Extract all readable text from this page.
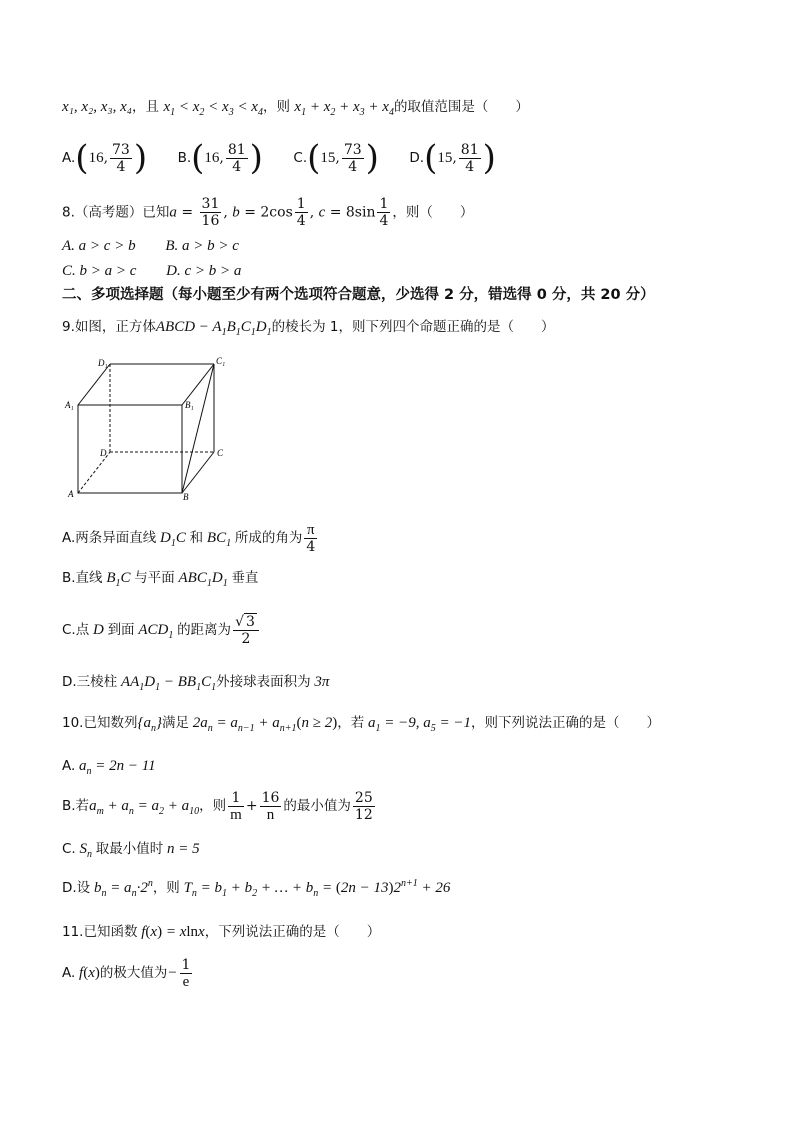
x₁, x₂, x₃, x₄，且 $x_1 < x_2 < x_3 < x_4$，则 $x_1 + x_2 + x_3 + x_4$的取值范围是（　　）
A.(16, $\frac{73}{4}$ ) B.(16, $\frac{81}{4}$ ) C.(15, $\frac{73}{4}$ ) D.(15, $\frac{81}{4}$ )
8.（高考题）已知$a = \frac{31}{16}$ , $b = 2\cos \frac{1}{4}$ , $c = 8\sin \frac{1}{4}$ ，则（　　）
A. a > c > b B. a > b > c
C. b > a > c D. c > b > a
二、多项选择题（每小题至少有两个选项符合题意，少选得 2 分，错选得 0 分，共 20 分）
9.如图，正方体ABCD − $A_1B_1C_1D_1$的棱长为 1，则下列四个命题正确的是（　　）
D₁	C₁
A₁	B₁
D	C
A	B
A.两条异面直线 $D_1C$ 和 $BC_1$ 所成的角为 $\frac{\pi}{4}$
B.直线 $B_1C$ 与平面 $ABC_1D_1$ 垂直
C.点 D 到面 $ACD_1$ 的距离为 $\frac{√ 3}{2}$
D.三棱柱 $AA_1D_1 - BB_1C_1$外接球表面积为 3π
10.已知数列$\{a_n\}$满足 $2a_n = a_{n-1} + a_{n+1}(n \ge 2)$，若 $a_1 = -9$, $a_5 = -1$，则下列说法正确的是（　　）
A. $a_n = 2n - 11$
B.若$a_m + a_n = a_2 + a_{10}$，则 $\frac{1}{m} + \frac{16}{n}$ 的最小值为 $\frac{25}{12}$
C. $S_n$ 取最小值时 n = 5
D.设 $b_n = a_n\cdot 2^n$，则 $T_n = b_1 + b_2$ + … + $b_n = (2n - 13)2^{n+1} + 26$
11.已知函数 f(x) = xlnx，下列说法正确的是（　　）
A. f(x)的极大值为− $\frac{1}{e}$
